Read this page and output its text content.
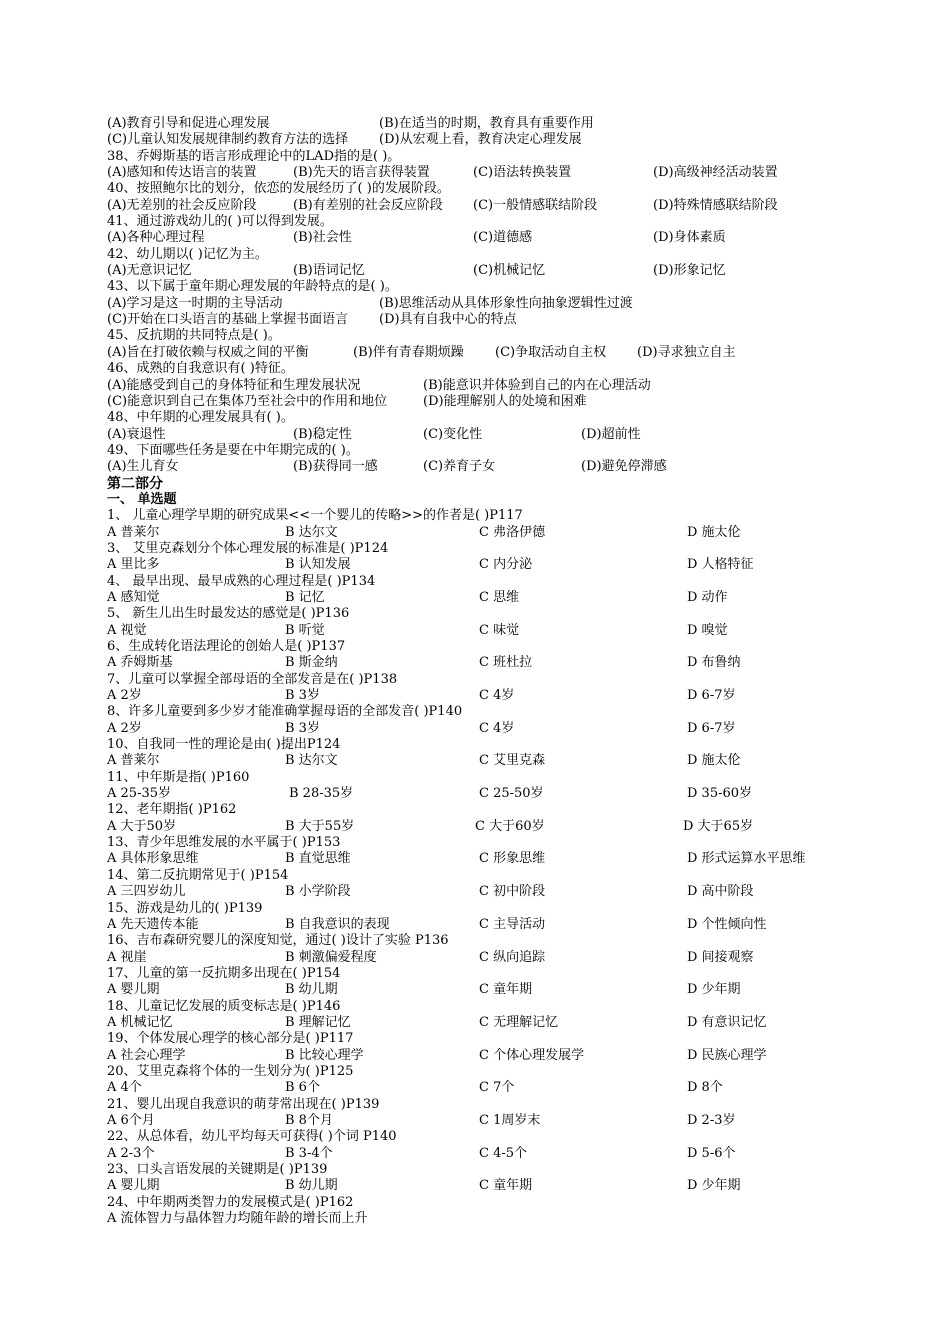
(A)教育引导和促进心理发展	(B)在适当的时期，教育具有重要作用
(C)儿童认知发展规律制约教育方法的选择 (D)从宏观上看，教育决定心理发展
38、乔姆斯基的语言形成理论中的LAD指的是( )。
(A)感知和传达语言的装置	(B)先天的语言获得装置	(C)语法转换装置	(D)高级神经活动装置
40、按照鲍尔比的划分，依恋的发展经历了( )的发展阶段。
(A)无差别的社会反应阶段	(B)有差别的社会反应阶段 (C)一般情感联结阶段	(D)特殊情感联结阶段
41、通过游戏幼儿的( )可以得到发展。
(A)各种心理过程	(B)社会性	(C)道德感	(D)身体素质
42、幼儿期以( )记忆为主。
(A)无意识记忆	(B)语词记忆	(C)机械记忆	(D)形象记忆
43、以下属于童年期心理发展的年龄特点的是( )。
(A)学习是这一时期的主导活动	(B)思维活动从具体形象性向抽象逻辑性过渡
(C)开始在口头语言的基础上掌握书面语言 (D)具有自我中心的特点
45、反抗期的共同特点是( )。
(A)旨在打破依赖与权威之间的平衡	(B)伴有青春期烦躁 (C)争取活动自主权 (D)寻求独立自主
46、成熟的自我意识有( )特征。
(A)能感受到自己的身体特征和生理发展状况	(B)能意识并体验到自己的内在心理活动
(C)能意识到自己在集体乃至社会中的作用和地位	(D)能理解别人的处境和困难
48、中年期的心理发展具有( )。
(A)衰退性	(B)稳定性	(C)变化性	(D)超前性
49、下面哪些任务是要在中年期完成的( )。
(A)生儿育女	(B)获得同一感	(C)养育子女	(D)避免停滞感
第二部分
一、 单选题
1、 儿童心理学早期的研究成果<<一个婴儿的传略>>的作者是( )P117
A 普莱尔	B 达尔文	C 弗洛伊德	D 施太伦
3、 艾里克森划分个体心理发展的标准是( )P124
A 里比多	B 认知发展	C 内分泌	D 人格特征
4、 最早出现、最早成熟的心理过程是( )P134
A 感知觉	B 记忆	C 思维	D 动作
5、 新生儿出生时最发达的感觉是( )P136
A 视觉	B 听觉	C 味觉	D 嗅觉
6、生成转化语法理论的创始人是( )P137
A 乔姆斯基	B 斯金纳	C 班杜拉	D 布鲁纳
7、儿童可以掌握全部母语的全部发音是在( )P138
A 2岁	B 3岁	C 4岁	D 6-7岁
8、许多儿童要到多少岁才能准确掌握母语的全部发音( )P140
A 2岁	B 3岁	C 4岁	D 6-7岁
10、自我同一性的理论是由( )提出P124
A 普莱尔	B 达尔文	C 艾里克森	D 施太伦
11、中年斯是指( )P160
A 25-35岁	B 28-35岁	C 25-50岁	D 35-60岁
12、老年期指( )P162
A 大于50岁	B 大于55岁	C 大于60岁	D 大于65岁
13、青少年思维发展的水平属于( )P153
A 具体形象思维	B 直觉思维	C 形象思维	D 形式运算水平思维
14、第二反抗期常见于( )P154
A 三四岁幼儿	B 小学阶段	C 初中阶段	D 高中阶段
15、游戏是幼儿的( )P139
A 先天遗传本能	B 自我意识的表现	C 主导活动	D 个性倾向性
16、吉布森研究婴儿的深度知觉，通过( )设计了实验 P136
A 视崖	B 刺激偏爱程度	C 纵向追踪	D 间接观察
17、儿童的第一反抗期多出现在( )P154
A 婴儿期	B 幼儿期	C 童年期	D 少年期
18、儿童记忆发展的质变标志是( )P146
A 机械记忆	B 理解记忆	C 无理解记忆	D 有意识记忆
19、个体发展心理学的核心部分是( )P117
A 社会心理学	B 比较心理学	C 个体心理发展学	D 民族心理学
20、艾里克森将个体的一生划分为( )P125
A 4个	B 6个	C 7个	D 8个
21、婴儿出现自我意识的萌芽常出现在( )P139
A 6个月	B 8个月	C 1周岁末	D 2-3岁
22、从总体看，幼儿平均每天可获得( )个词 P140
A 2-3个	B 3-4个	C 4-5个	D 5-6个
23、口头言语发展的关键期是( )P139
A 婴儿期	B 幼儿期	C 童年期	D 少年期
24、中年期两类智力的发展模式是( )P162
A 流体智力与晶体智力均随年龄的增长而上升
